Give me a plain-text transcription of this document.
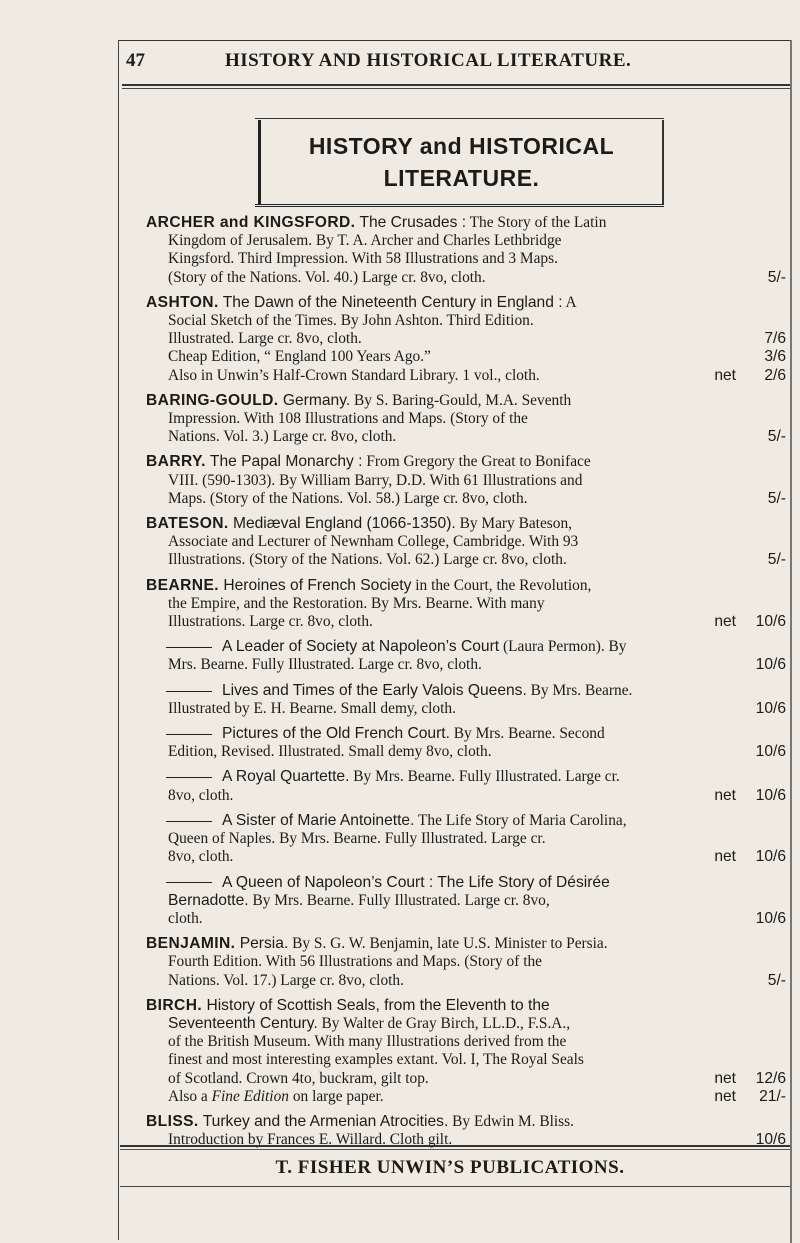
47	HISTORY AND HISTORICAL LITERATURE.
HISTORY and HISTORICAL
LITERATURE.
ARCHER and KINGSFORD. The Crusades : The Story of the Latin
Kingdom of Jerusalem. By T. A. Archer and Charles Lethbridge
Kingsford. Third Impression. With 58 Illustrations and 3 Maps.
(Story of the Nations. Vol. 40.) Large cr. 8vo, cloth.	5/-
ASHTON. The Dawn of the Nineteenth Century in England : A
Social Sketch of the Times. By John Ashton. Third Edition.
Illustrated. Large cr. 8vo, cloth.	7/6
Cheap Edition, “ England 100 Years Ago.”	3/6
Also in Unwin’s Half-Crown Standard Library. 1 vol., cloth.	net 2/6
BARING-GOULD. Germany. By S. Baring-Gould, M.A. Seventh
Impression. With 108 Illustrations and Maps. (Story of the
Nations. Vol. 3.) Large cr. 8vo, cloth.	5/-
BARRY. The Papal Monarchy : From Gregory the Great to Boniface
VIII. (590-1303). By William Barry, D.D. With 61 Illustrations and
Maps. (Story of the Nations. Vol. 58.) Large cr. 8vo, cloth.	5/-
BATESON. Mediæval England (1066-1350). By Mary Bateson,
Associate and Lecturer of Newnham College, Cambridge. With 93
Illustrations. (Story of the Nations. Vol. 62.) Large cr. 8vo, cloth.	5/-
BEARNE. Heroines of French Society in the Court, the Revolution,
the Empire, and the Restoration. By Mrs. Bearne. With many
Illustrations. Large cr. 8vo, cloth.	net 10/6
A Leader of Society at Napoleon’s Court (Laura Permon). By
Mrs. Bearne. Fully Illustrated. Large cr. 8vo, cloth.	10/6
Lives and Times of the Early Valois Queens. By Mrs. Bearne.
Illustrated by E. H. Bearne. Small demy, cloth.	10/6
Pictures of the Old French Court. By Mrs. Bearne. Second
Edition, Revised. Illustrated. Small demy 8vo, cloth.	10/6
A Royal Quartette. By Mrs. Bearne. Fully Illustrated. Large cr.
8vo, cloth.	net 10/6
A Sister of Marie Antoinette. The Life Story of Maria Carolina,
Queen of Naples. By Mrs. Bearne. Fully Illustrated. Large cr.
8vo, cloth.	net 10/6
A Queen of Napoleon’s Court : The Life Story of Désirée
Bernadotte. By Mrs. Bearne. Fully Illustrated. Large cr. 8vo,
cloth.	10/6
BENJAMIN. Persia. By S. G. W. Benjamin, late U.S. Minister to Persia.
Fourth Edition. With 56 Illustrations and Maps. (Story of the
Nations. Vol. 17.) Large cr. 8vo, cloth.	5/-
BIRCH. History of Scottish Seals, from the Eleventh to the
Seventeenth Century. By Walter de Gray Birch, LL.D., F.S.A.,
of the British Museum. With many Illustrations derived from the
finest and most interesting examples extant. Vol. I, The Royal Seals
of Scotland. Crown 4to, buckram, gilt top.	net 12/6
Also a Fine Edition on large paper.	net 21/-
BLISS. Turkey and the Armenian Atrocities. By Edwin M. Bliss.
Introduction by Frances E. Willard. Cloth gilt.	10/6
T. FISHER UNWIN’S PUBLICATIONS.
